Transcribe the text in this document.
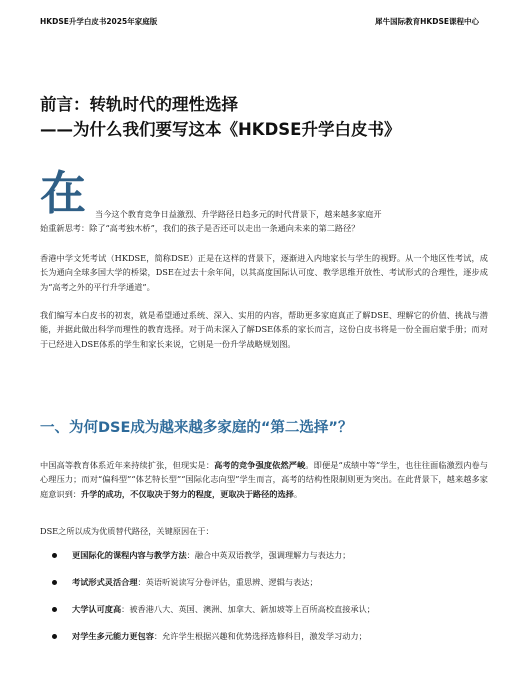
HKDSE升学白皮书2025年家庭版	犀牛国际教育HKDSE课程中心
前言：转轨时代的理性选择
——为什么我们要写这本《HKDSE升学白皮书》
在	当今这个教育竞争日益激烈、升学路径日趋多元的时代背景下，越来越多家庭开
始重新思考：除了“高考独木桥”，我们的孩子是否还可以走出一条通向未来的第二路径？
香港中学文凭考试（HKDSE，简称DSE）正是在这样的背景下，逐渐进入内地家长与学生的视野。从一个地区性考试，成长为通向全球多国大学的桥梁，DSE在过去十余年间，以其高度国际认可度、教学思维开放性、考试形式的合理性，逐步成为“高考之外的平行升学通道”。
我们编写本白皮书的初衷，就是希望通过系统、深入、实用的内容，帮助更多家庭真正了解DSE、理解它的价值、挑战与潜能，并据此做出科学而理性的教育选择。对于尚未深入了解DSE体系的家长而言，这份白皮书将是一份全面启蒙手册；而对于已经进入DSE体系的学生和家长来说，它则是一份升学战略规划图。
一、为何DSE成为越来越多家庭的“第二选择”？
中国高等教育体系近年来持续扩张，但现实是：高考的竞争强度依然严峻。即便是“成绩中等”学生，也往往面临激烈内卷与心理压力；而对“偏科型”“体艺特长型”“国际化志向型”学生而言，高考的结构性限制则更为突出。在此背景下，越来越多家庭意识到：升学的成功，不仅取决于努力的程度，更取决于路径的选择。
DSE之所以成为优质替代路径，关键原因在于：
更国际化的课程内容与教学方法：融合中英双语教学，强调理解力与表达力；
考试形式灵活合理：英语听说读写分卷评估，重思辨、逻辑与表达；
大学认可度高：被香港八大、英国、澳洲、加拿大、新加坡等上百所高校直接承认；
对学生多元能力更包容：允许学生根据兴趣和优势选择选修科目，激发学习动力；
